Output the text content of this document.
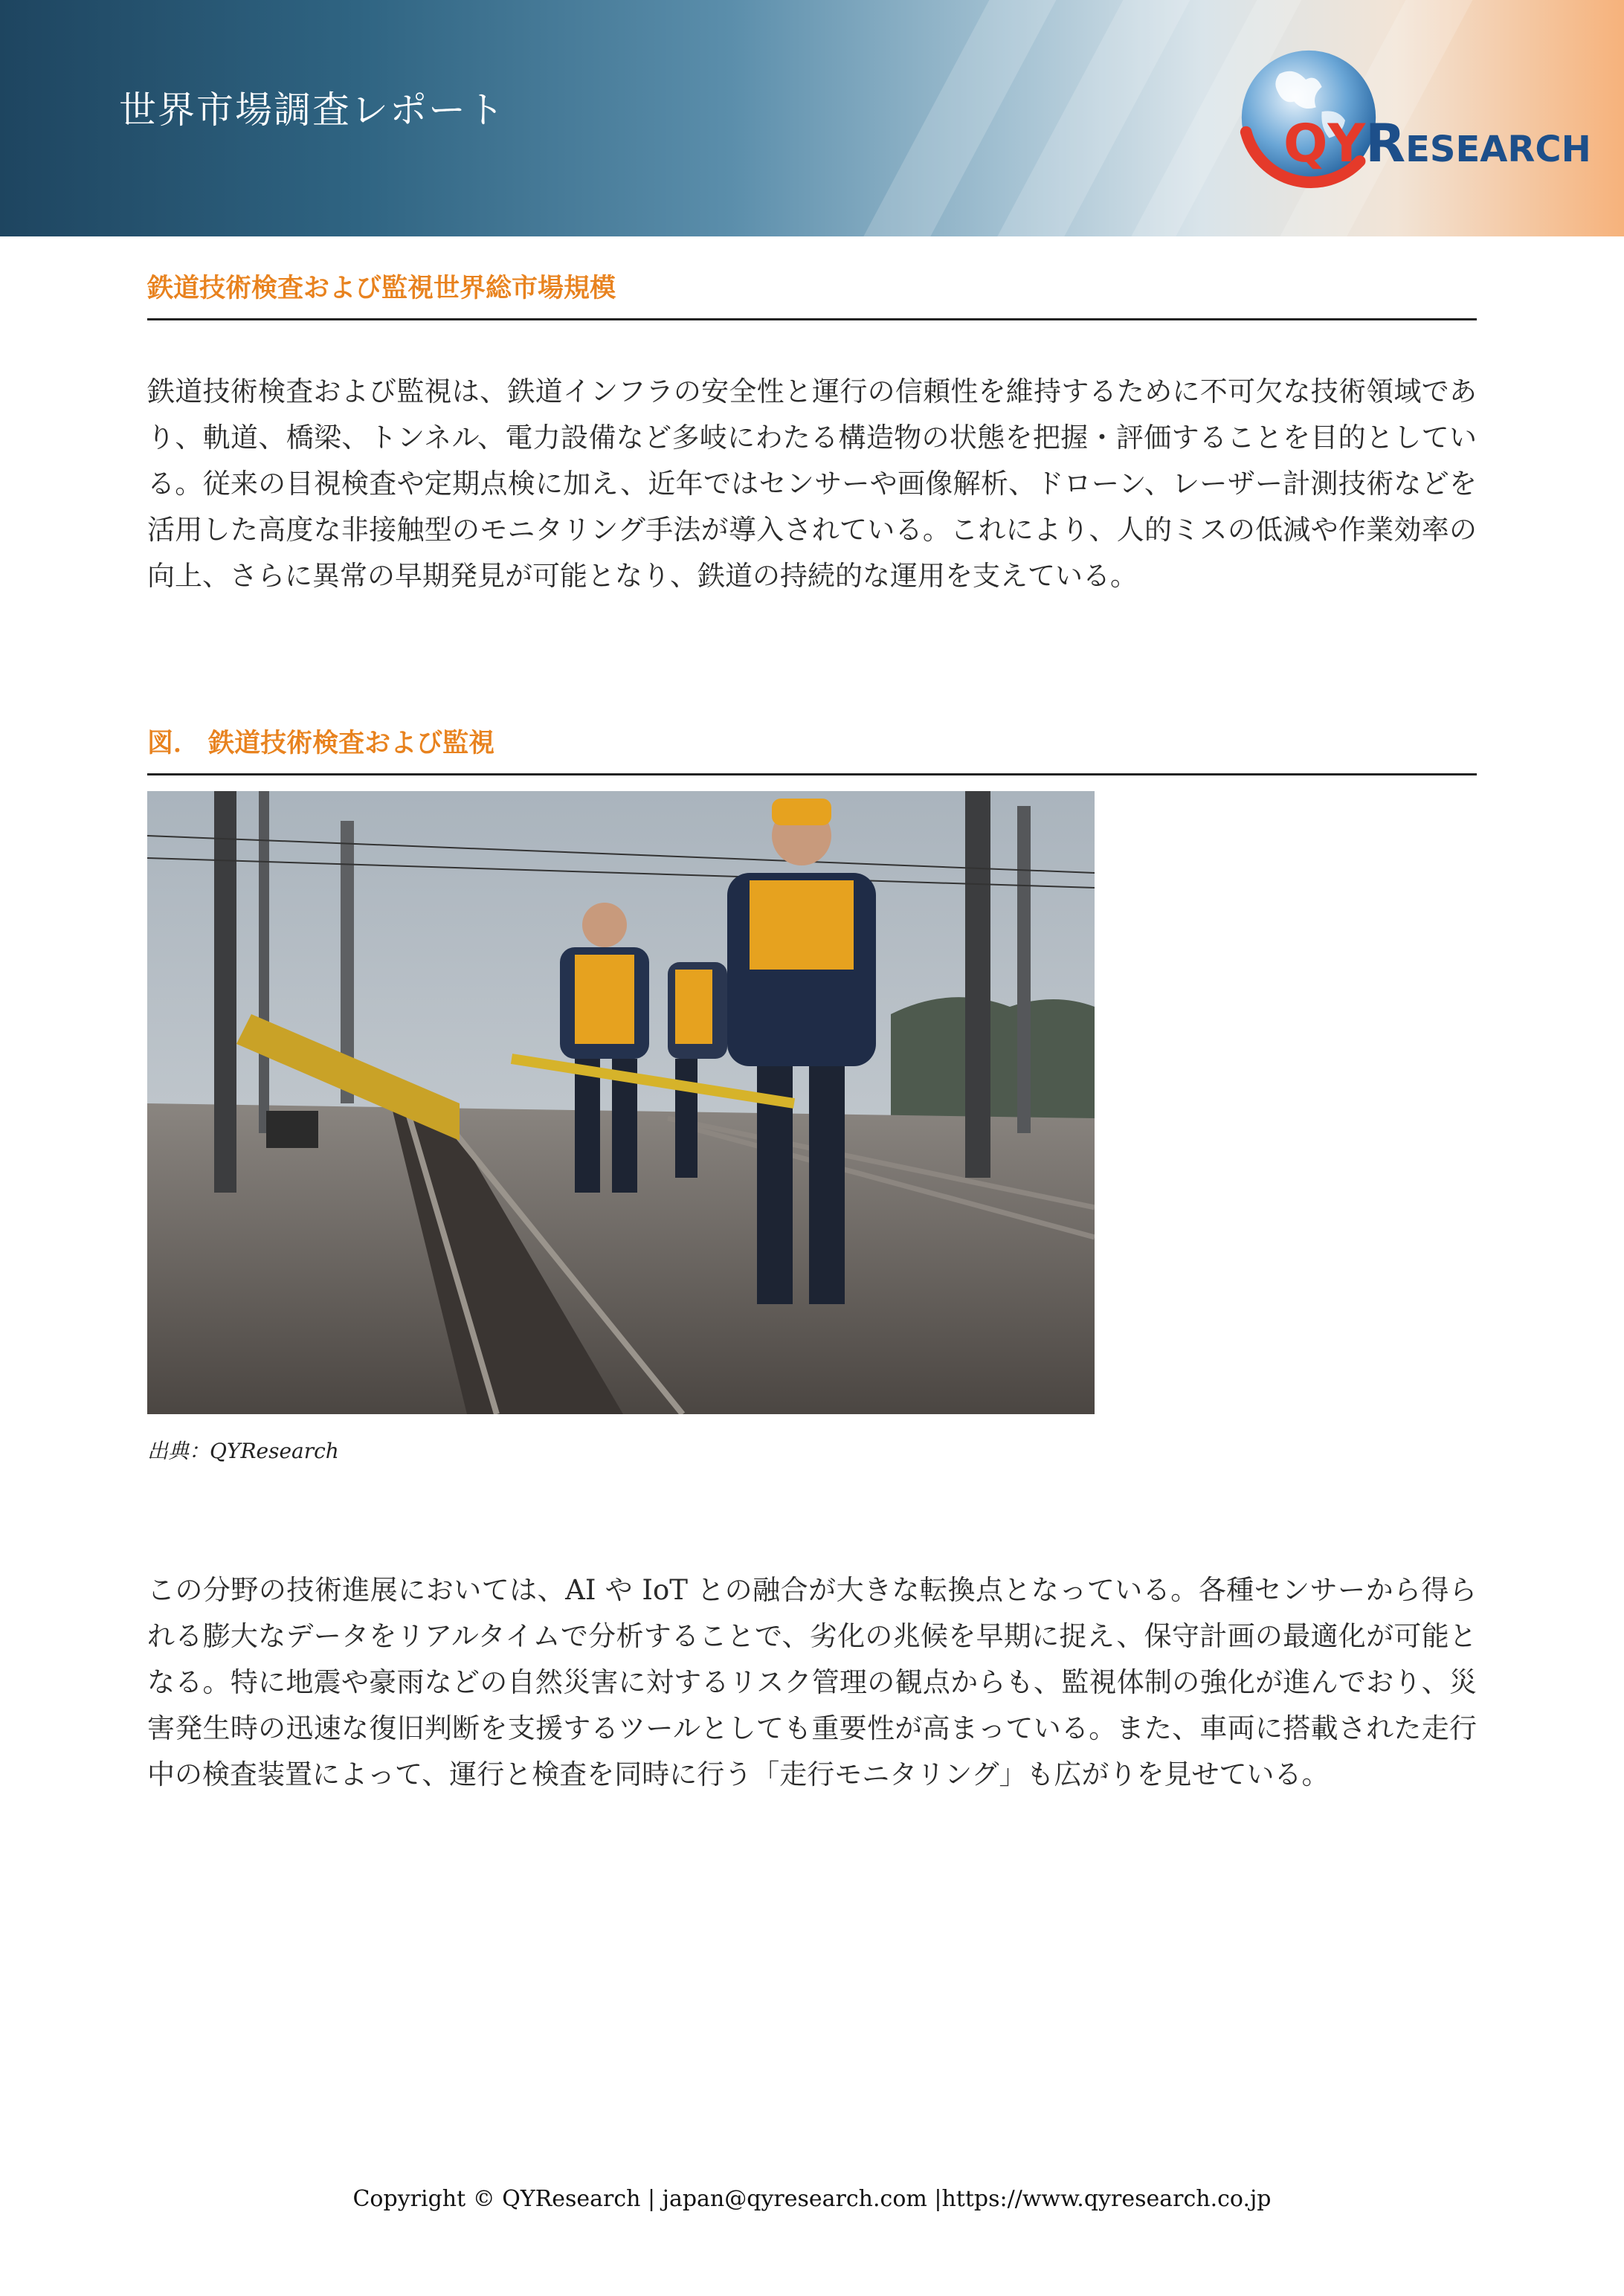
世界市場調査レポート
QYRESEARCH
鉄道技術検査および監視世界総市場規模
鉄道技術検査および監視は、鉄道インフラの安全性と運行の信頼性を維持するために不可欠な技術領域であり、軌道、橋梁、トンネル、電力設備など多岐にわたる構造物の状態を把握・評価することを目的としている。従来の目視検査や定期点検に加え、近年ではセンサーや画像解析、ドローン、レーザー計測技術などを活用した高度な非接触型のモニタリング手法が導入されている。これにより、人的ミスの低減や作業効率の向上、さらに異常の早期発見が可能となり、鉄道の持続的な運用を支えている。
図． 鉄道技術検査および監視
出典：QYResearch
この分野の技術進展においては、AI や IoT との融合が大きな転換点となっている。各種センサーから得られる膨大なデータをリアルタイムで分析することで、劣化の兆候を早期に捉え、保守計画の最適化が可能となる。特に地震や豪雨などの自然災害に対するリスク管理の観点からも、監視体制の強化が進んでおり、災害発生時の迅速な復旧判断を支援するツールとしても重要性が高まっている。また、車両に搭載された走行中の検査装置によって、運行と検査を同時に行う「走行モニタリング」も広がりを見せている。
Copyright © QYResearch | japan@qyresearch.com |https://www.qyresearch.co.jp
